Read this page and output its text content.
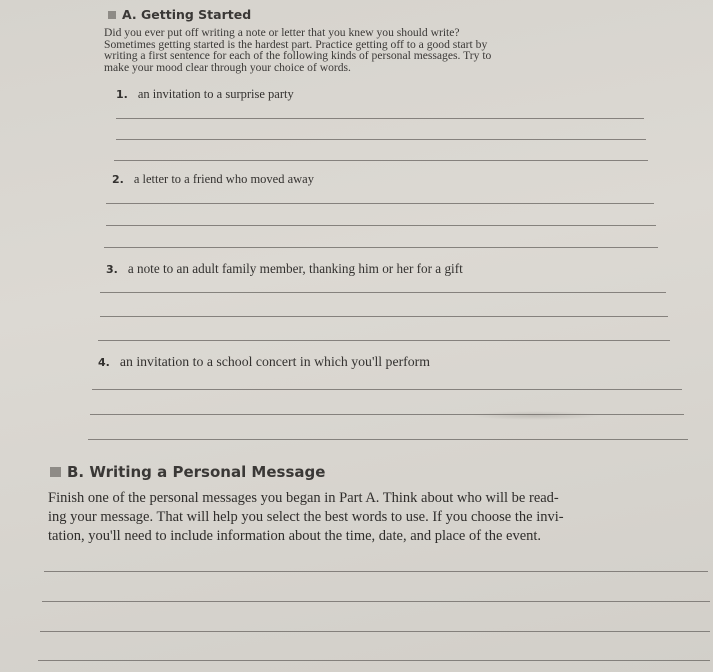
A. Getting Started

Did you ever put off writing a note or letter that you knew you should write?

Sometimes getting started is the hardest part. Practice getting off to a good start by

writing a first sentence for each of the following kinds of personal messages. Try to

make your mood clear through your choice of words.

1. an invitation to a surprise party
2. a letter to a friend who moved away
3. a note to an adult family member, thanking him or her for a gift
4. an invitation to a school concert in which you'll perform
B. Writing a Personal Message

Finish one of the personal messages you began in Part A. Think about who will be read-

ing your message. That will help you select the best words to use. If you choose the invi-

tation, you'll need to include information about the time, date, and place of the event.
